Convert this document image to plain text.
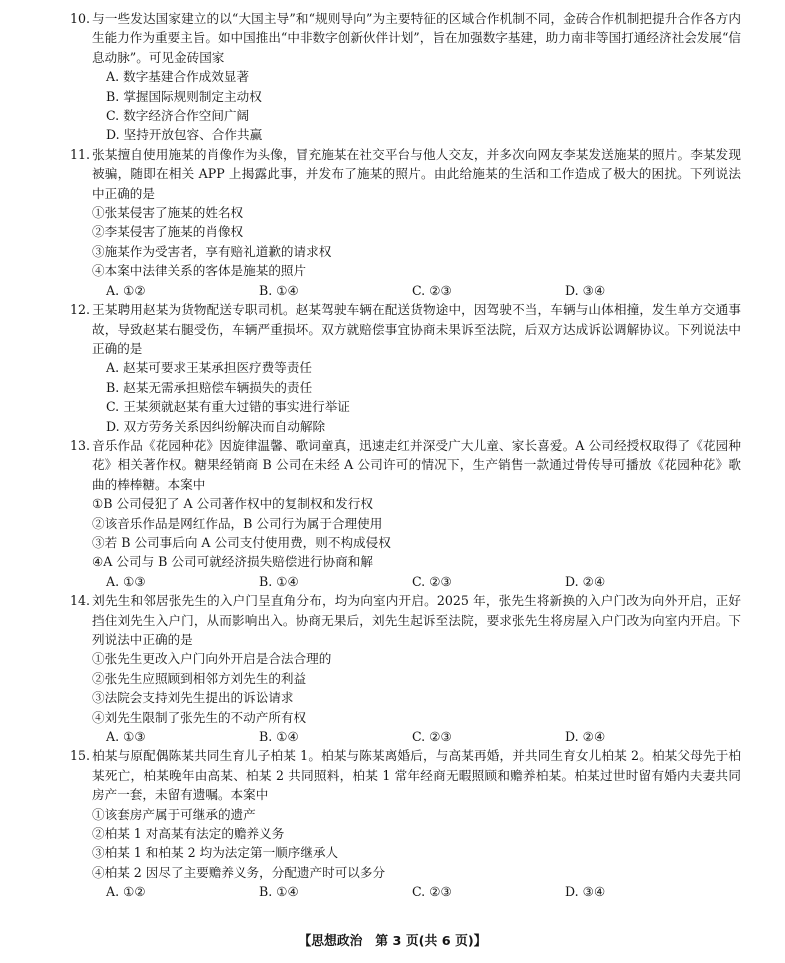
10. 与一些发达国家建立的以“大国主导”和“规则导向”为主要特征的区域合作机制不同，金砖合作机制把提升合作各方内生能力作为重要主旨。如中国推出“中非数字创新伙伴计划”，旨在加强数字基建，助力南非等国打通经济社会发展“信息动脉”。可见金砖国家

A. 数字基建合作成效显著

B. 掌握国际规则制定主动权

C. 数字经济合作空间广阔

D. 坚持开放包容、合作共赢

11. 张某擅自使用施某的肖像作为头像，冒充施某在社交平台与他人交友，并多次向网友李某发送施某的照片。李某发现被骗，随即在相关 APP 上揭露此事，并发布了施某的照片。由此给施某的生活和工作造成了极大的困扰。下列说法中正确的是

①张某侵害了施某的姓名权

②李某侵害了施某的肖像权

③施某作为受害者，享有赔礼道歉的请求权

④本案中法律关系的客体是施某的照片

A. ①②	B. ①④	C. ②③	D. ③④

12. 王某聘用赵某为货物配送专职司机。赵某驾驶车辆在配送货物途中，因驾驶不当，车辆与山体相撞，发生单方交通事故，导致赵某右腿受伤，车辆严重损坏。双方就赔偿事宜协商未果诉至法院，后双方达成诉讼调解协议。下列说法中正确的是

A. 赵某可要求王某承担医疗费等责任

B. 赵某无需承担赔偿车辆损失的责任

C. 王某须就赵某有重大过错的事实进行举证

D. 双方劳务关系因纠纷解决而自动解除

13. 音乐作品《花园种花》因旋律温馨、歌词童真，迅速走红并深受广大儿童、家长喜爱。A 公司经授权取得了《花园种花》相关著作权。糖果经销商 B 公司在未经 A 公司许可的情况下，生产销售一款通过骨传导可播放《花园种花》歌曲的棒棒糖。本案中

①B 公司侵犯了 A 公司著作权中的复制权和发行权

②该音乐作品是网红作品，B 公司行为属于合理使用

③若 B 公司事后向 A 公司支付使用费，则不构成侵权

④A 公司与 B 公司可就经济损失赔偿进行协商和解

A. ①③	B. ①④	C. ②③	D. ②④

14. 刘先生和邻居张先生的入户门呈直角分布，均为向室内开启。2025 年，张先生将新换的入户门改为向外开启，正好挡住刘先生入户门，从而影响出入。协商无果后，刘先生起诉至法院，要求张先生将房屋入户门改为向室内开启。下列说法中正确的是

①张先生更改入户门向外开启是合法合理的

②张先生应照顾到相邻方刘先生的利益

③法院会支持刘先生提出的诉讼请求

④刘先生限制了张先生的不动产所有权

A. ①③	B. ①④	C. ②③	D. ②④

15. 柏某与原配偶陈某共同生育儿子柏某 1。柏某与陈某离婚后，与高某再婚，并共同生育女儿柏某 2。柏某父母先于柏某死亡，柏某晚年由高某、柏某 2 共同照料，柏某 1 常年经商无暇照顾和赡养柏某。柏某过世时留有婚内夫妻共同房产一套，未留有遗嘱。本案中

①该套房产属于可继承的遗产

②柏某 1 对高某有法定的赡养义务

③柏某 1 和柏某 2 均为法定第一顺序继承人

④柏某 2 因尽了主要赡养义务，分配遗产时可以多分

A. ①②	B. ①④	C. ②③	D. ③④
【思想政治　第 3 页(共 6 页)】
